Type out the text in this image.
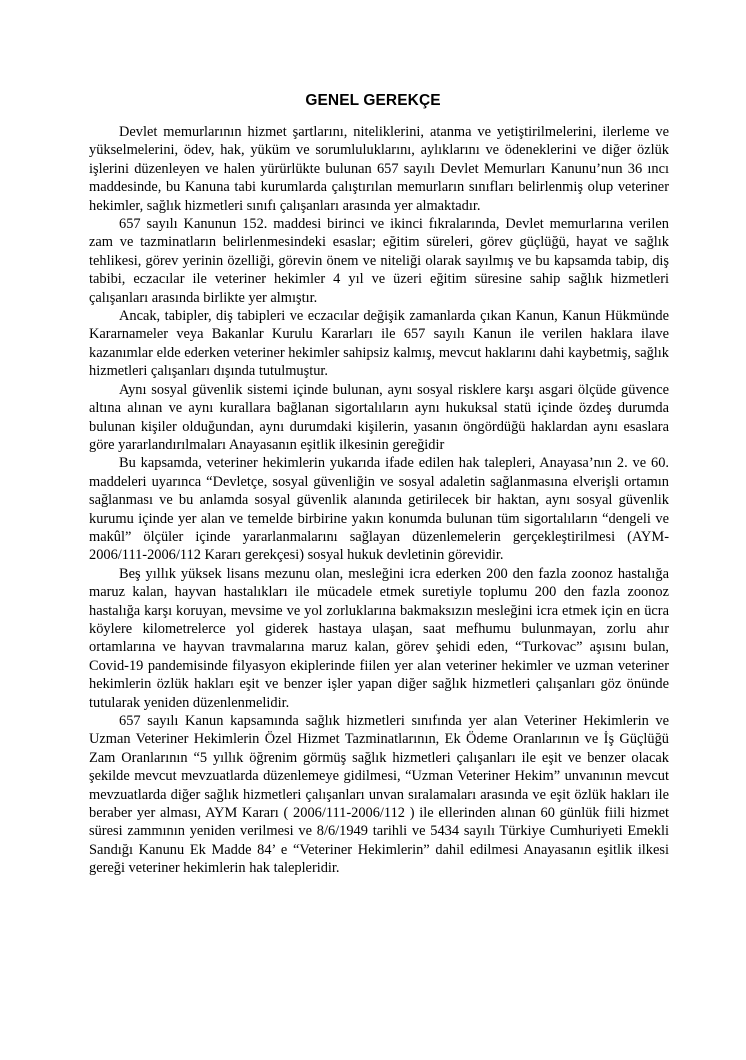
GENEL GEREKÇE

Devlet memurlarının hizmet şartlarını, niteliklerini, atanma ve yetiştirilmelerini, ilerleme ve yükselmelerini, ödev, hak, yüküm ve sorumluluklarını, aylıklarını ve ödeneklerini ve diğer özlük işlerini düzenleyen ve halen yürürlükte bulunan 657 sayılı Devlet Memurları Kanunu’nun 36 ıncı maddesinde, bu Kanuna tabi kurumlarda çalıştırılan memurların sınıfları belirlenmiş olup veteriner hekimler, sağlık hizmetleri sınıfı çalışanları arasında yer almaktadır.

657 sayılı Kanunun 152. maddesi birinci ve ikinci fıkralarında, Devlet memurlarına verilen zam ve tazminatların belirlenmesindeki esaslar; eğitim süreleri, görev güçlüğü, hayat ve sağlık tehlikesi, görev yerinin özelliği, görevin önem ve niteliği olarak sayılmış ve bu kapsamda tabip, diş tabibi, eczacılar ile veteriner hekimler 4 yıl ve üzeri eğitim süresine sahip sağlık hizmetleri çalışanları arasında birlikte yer almıştır.

Ancak, tabipler, diş tabipleri ve eczacılar değişik zamanlarda çıkan Kanun, Kanun Hükmünde Kararnameler veya Bakanlar Kurulu Kararları ile 657 sayılı Kanun ile verilen haklara ilave kazanımlar elde ederken veteriner hekimler sahipsiz kalmış, mevcut haklarını dahi kaybetmiş, sağlık hizmetleri çalışanları dışında tutulmuştur.

Aynı sosyal güvenlik sistemi içinde bulunan, aynı sosyal risklere karşı asgari ölçüde güvence altına alınan ve aynı kurallara bağlanan sigortalıların aynı hukuksal statü içinde özdeş durumda bulunan kişiler olduğundan, aynı durumdaki kişilerin, yasanın öngördüğü haklardan aynı esaslara göre yararlandırılmaları Anayasanın eşitlik ilkesinin gereğidir

Bu kapsamda, veteriner hekimlerin yukarıda ifade edilen hak talepleri, Anayasa’nın 2. ve 60. maddeleri uyarınca “Devletçe, sosyal güvenliğin ve sosyal adaletin sağlanmasına elverişli ortamın sağlanması ve bu anlamda sosyal güvenlik alanında getirilecek bir haktan, aynı sosyal güvenlik kurumu içinde yer alan ve temelde birbirine yakın konumda bulunan tüm sigortalıların “dengeli ve makûl” ölçüler içinde yararlanmalarını sağlayan düzenlemelerin gerçekleştirilmesi (AYM- 2006/111-2006/112 Kararı gerekçesi) sosyal hukuk devletinin görevidir.

Beş yıllık yüksek lisans mezunu olan, mesleğini icra ederken 200 den fazla zoonoz hastalığa maruz kalan, hayvan hastalıkları ile mücadele etmek suretiyle toplumu 200 den fazla zoonoz hastalığa karşı koruyan, mevsime ve yol zorluklarına bakmaksızın mesleğini icra etmek için en ücra köylere kilometrelerce yol giderek hastaya ulaşan, saat mefhumu bulunmayan, zorlu ahır ortamlarına ve hayvan travmalarına maruz kalan, görev şehidi eden, “Turkovac” aşısını bulan, Covid-19 pandemisinde filyasyon ekiplerinde fiilen yer alan veteriner hekimler ve uzman veteriner hekimlerin özlük hakları eşit ve benzer işler yapan diğer sağlık hizmetleri çalışanları göz önünde tutularak yeniden düzenlenmelidir.

657 sayılı Kanun kapsamında sağlık hizmetleri sınıfında yer alan Veteriner Hekimlerin ve Uzman Veteriner Hekimlerin Özel Hizmet Tazminatlarının, Ek Ödeme Oranlarının ve İş Güçlüğü Zam Oranlarının “5 yıllık öğrenim görmüş sağlık hizmetleri çalışanları ile eşit ve benzer olacak şekilde mevcut mevzuatlarda düzenlemeye gidilmesi, “Uzman Veteriner Hekim” unvanının mevcut mevzuatlarda diğer sağlık hizmetleri çalışanları unvan sıralamaları arasında ve eşit özlük hakları ile beraber yer alması, AYM Kararı ( 2006/111-2006/112 ) ile ellerinden alınan 60 günlük fiili hizmet süresi zammının yeniden verilmesi ve 8/6/1949 tarihli ve 5434 sayılı Türkiye Cumhuriyeti Emekli Sandığı Kanunu Ek Madde 84’ e “Veteriner Hekimlerin” dahil edilmesi Anayasanın eşitlik ilkesi gereği veteriner hekimlerin hak talepleridir.
